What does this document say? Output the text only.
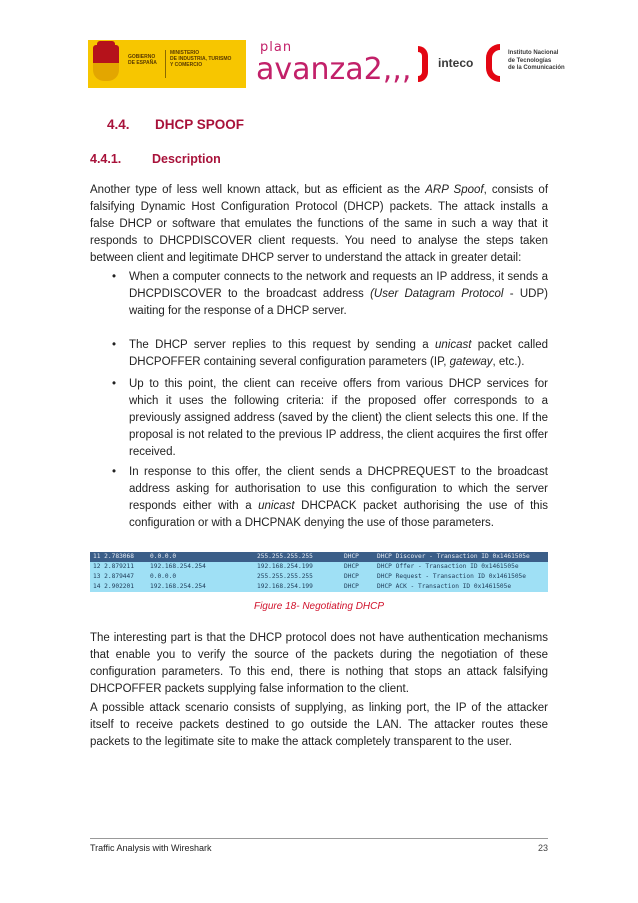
GOBIERNO
DE ESPAÑA
MINISTERIO
DE INDUSTRIA, TURISMO
Y COMERCIO
plan
avanza2,,, inteco
Instituto Nacional
de Tecnologías
de la Comunicación
4.4. DHCP SPOOF
4.4.1. Description
Another type of less well known attack, but as efficient as the ARP Spoof, consists of falsifying Dynamic Host Configuration Protocol (DHCP) packets. The attack installs a false DHCP or software that emulates the functions of the same in such a way that it responds to DHCPDISCOVER client requests. You need to analyse the steps taken between client and legitimate DHCP server to understand the attack in greater detail:
• When a computer connects to the network and requests an IP address, it sends a DHCPDISCOVER to the broadcast address (User Datagram Protocol - UDP) waiting for the response of a DHCP server.
• The DHCP server replies to this request by sending a unicast packet called DHCPOFFER containing several configuration parameters (IP, gateway, etc.).
• Up to this point, the client can receive offers from various DHCP services for which it uses the following criteria: if the proposed offer corresponds to a previously assigned address (saved by the client) the client selects this one. If the proposal is not related to the previous IP address, the client acquires the first offer received.
• In response to this offer, the client sends a DHCPREQUEST to the broadcast address asking for authorisation to use this configuration to which the server responds either with a unicast DHCPACK packet authorising the use of this configuration or with a DHCPNAK denying the use of those parameters.
11 2.783068	0.0.0.0	255.255.255.255	DHCP	DHCP Discover - Transaction ID 0x1461505e
12 2.879211	192.168.254.254	192.168.254.199	DHCP	DHCP Offer - Transaction ID 0x1461505e
13 2.879447	0.0.0.0	255.255.255.255	DHCP	DHCP Request - Transaction ID 0x1461505e
14 2.902201	192.168.254.254	192.168.254.199	DHCP	DHCP ACK - Transaction ID 0x1461505e
Figure 18- Negotiating DHCP
The interesting part is that the DHCP protocol does not have authentication mechanisms that enable you to verify the source of the packets during the negotiation of these configuration parameters. To this end, there is nothing that stops an attack falsifying DHCPOFFER packets supplying false information to the client.
A possible attack scenario consists of supplying, as linking port, the IP of the attacker itself to receive packets destined to go outside the LAN. The attacker routes these packets to the legitimate site to make the attack completely transparent to the user.
Traffic Analysis with Wireshark	23
